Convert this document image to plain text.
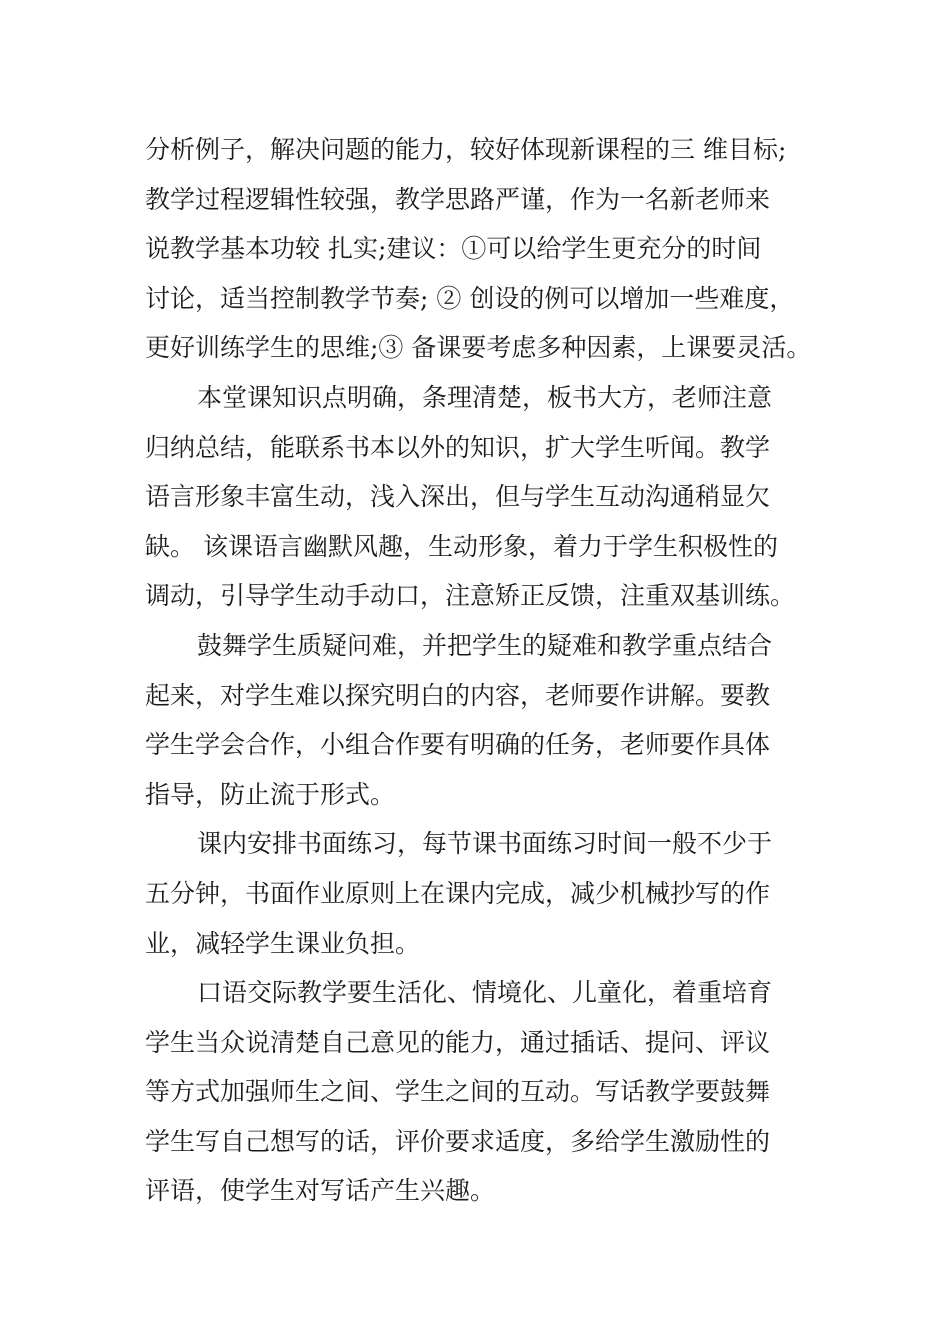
分析例子，解决问题的能力，较好体现新课程的三 维目标;
教学过程逻辑性较强，教学思路严谨，作为一名新老师来
说教学基本功较 扎实;建议：①可以给学生更充分的时间
讨论，适当控制教学节奏; ② 创设的例可以增加一些难度，
更好训练学生的思维;③ 备课要考虑多种因素，上课要灵活。
本堂课知识点明确，条理清楚，板书大方，老师注意
归纳总结，能联系书本以外的知识，扩大学生听闻。教学
语言形象丰富生动，浅入深出，但与学生互动沟通稍显欠
缺。 该课语言幽默风趣，生动形象，着力于学生积极性的
调动，引导学生动手动口，注意矫正反馈，注重双基训练。
鼓舞学生质疑问难，并把学生的疑难和教学重点结合
起来，对学生难以探究明白的内容，老师要作讲解。要教
学生学会合作，小组合作要有明确的任务，老师要作具体
指导，防止流于形式。
课内安排书面练习，每节课书面练习时间一般不少于
五分钟，书面作业原则上在课内完成，减少机械抄写的作
业，减轻学生课业负担。
口语交际教学要生活化、情境化、儿童化，着重培育
学生当众说清楚自己意见的能力，通过插话、提问、评议
等方式加强师生之间、学生之间的互动。写话教学要鼓舞
学生写自己想写的话，评价要求适度，多给学生激励性的
评语，使学生对写话产生兴趣。
